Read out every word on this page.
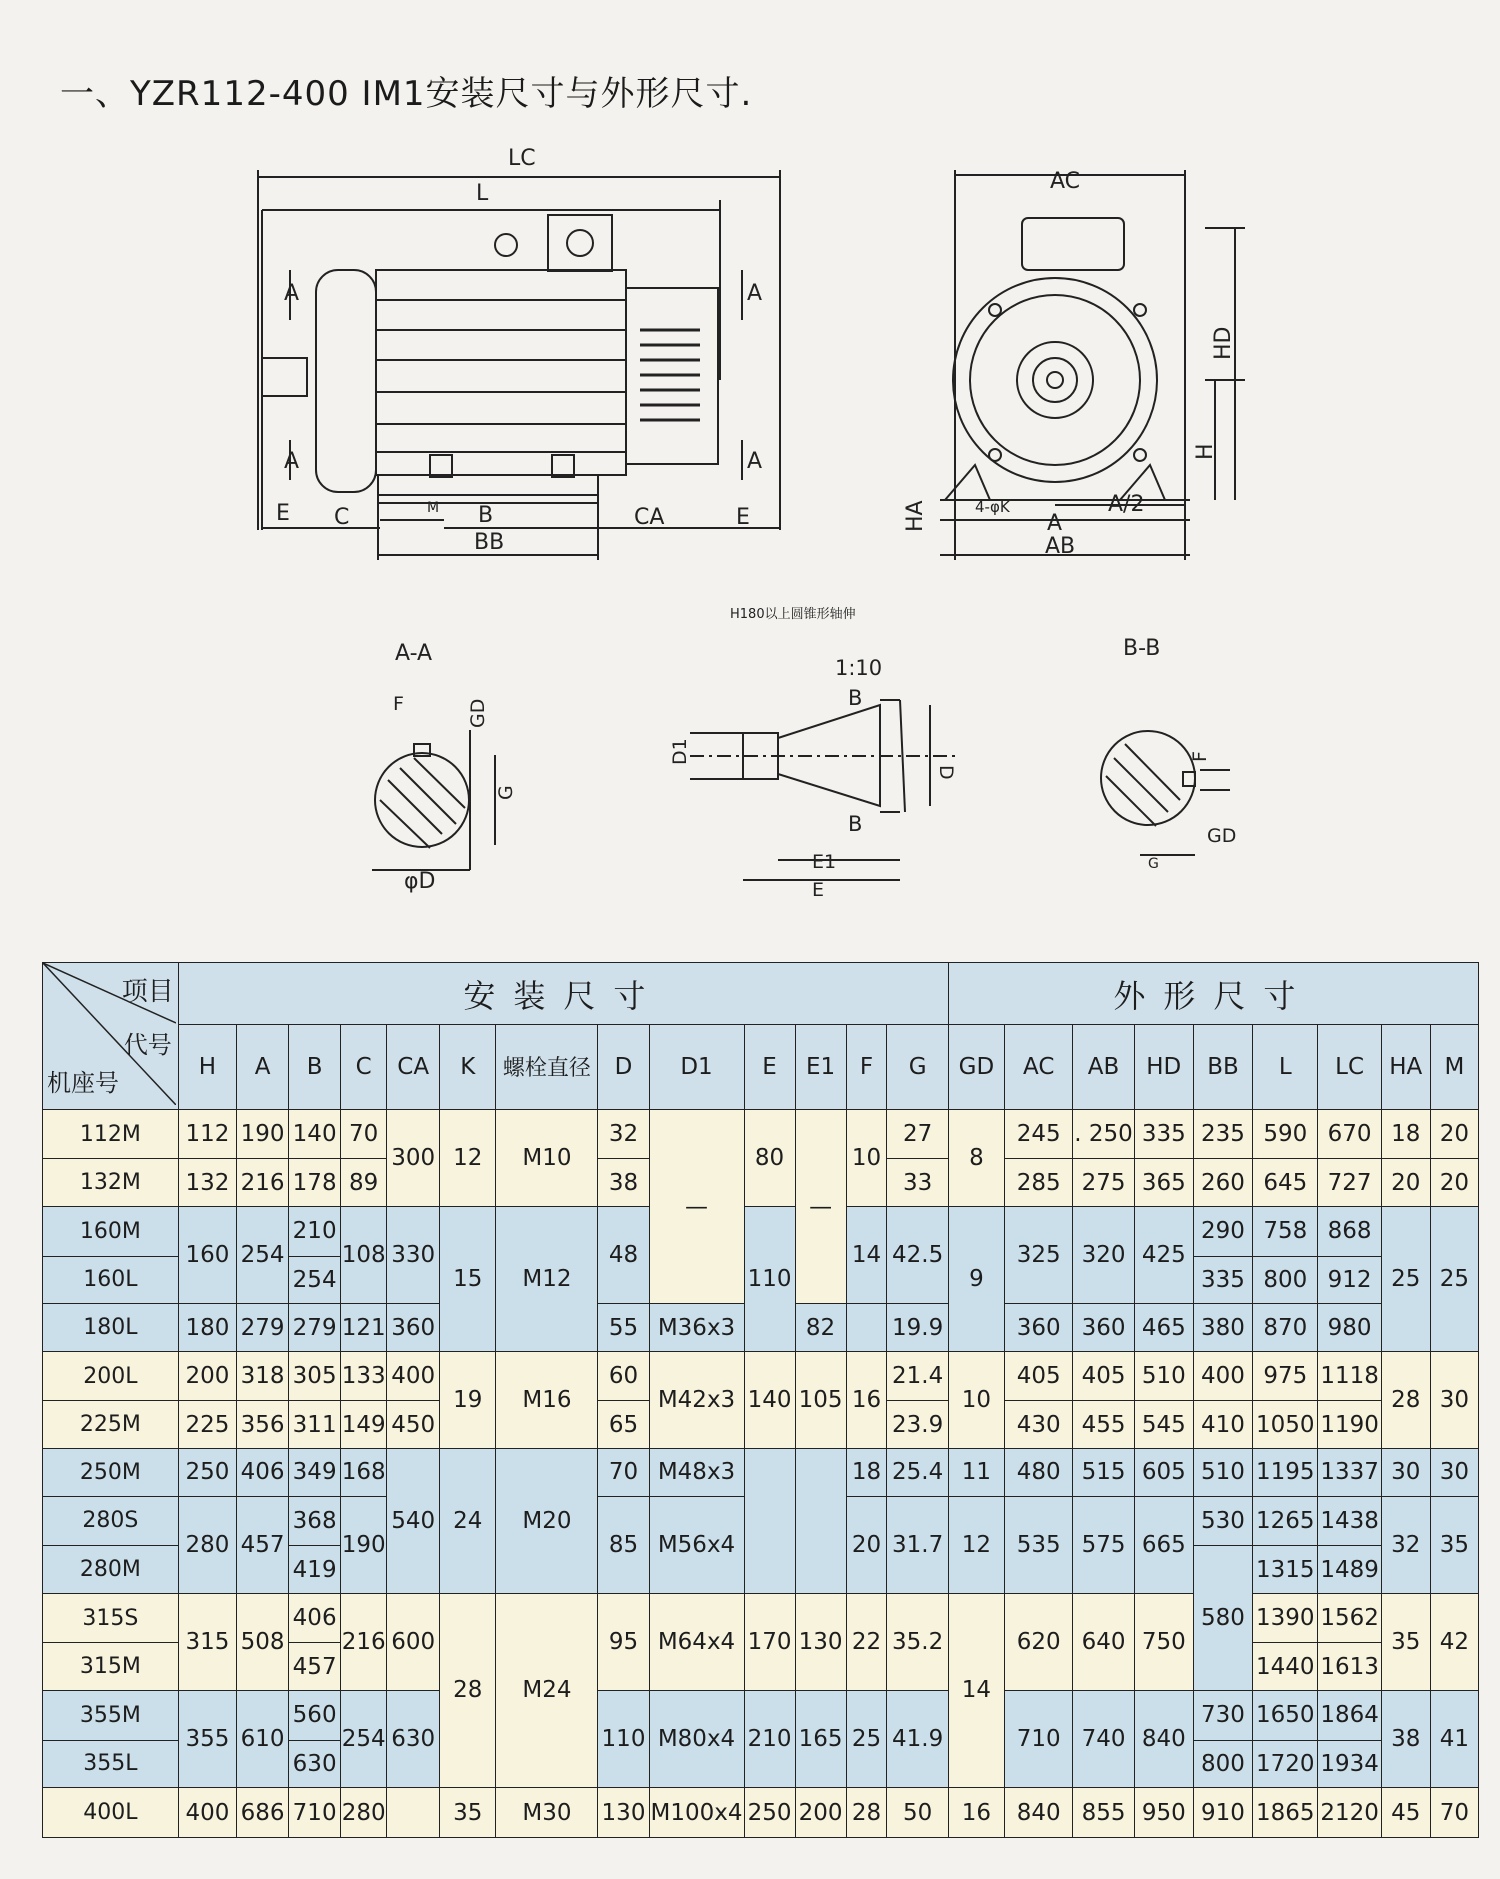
一、YZR112-400 IM1安装尺寸与外形尺寸.
LC
L
A
A
A
A
E C	M B	CA	E
BB
AC
HD
H
HA	4-φK	A/2
A
AB
H180以上圆锥形轴伸
A-A
F	GD
G
φD
1:10
B
B
D1
D
E1
E
B-B
F
GD
G
项目
代号
机座号	安装尺寸													外形尺寸								
	H	A	B	C	CA	K	螺栓直径	D	D1	E	E1	F	G	GD	AC	AB	HD	BB	L	LC	HA	M
112M	112	190	140	70	300	12	M10	32	—	80	—	10	27	8	245	. 250	335	235	590	670	18	20
132M	132	216	178	89				38					33		285	275	365	260	645	727	20	20
160M	160	254	210	108	330	15	M12	48		110		14	42.5	9	325	320	425	290	758	868	25	25
160L			254															335	800	912		
180L	180	279	279	121	360			55	M36x3		82		19.9		360	360	465	380	870	980		
200L	200	318	305	133	400	19	M16	60	M42x3	140	105	16	21.4	10	405	405	510	400	975	1118	28	30
225M	225	356	311	149	450			65					23.9		430	455	545	410	1050	1190		
250M	250	406	349	168	540	24	M20	70	M48x3			18	25.4	11	480	515	605	510	1195	1337	30	30
280S	280	457	368	190				85	M56x4			20	31.7	12	535	575	665	530	1265	1438	32	35
280M			419															580	1315	1489		
315S	315	508	406	216	600	28	M24	95	M64x4	170	130	22	35.2	14	620	640	750		1390	1562	35	42
315M			457																1440	1613		
355M	355	610	560	254	630			110	M80x4	210	165	25	41.9		710	740	840	730	1650	1864	38	41
355L			630															800	1720	1934		
400L	400	686	710	280		35	M30	130	M100x4	250	200	28	50	16	840	855	950	910	1865	2120	45	70
